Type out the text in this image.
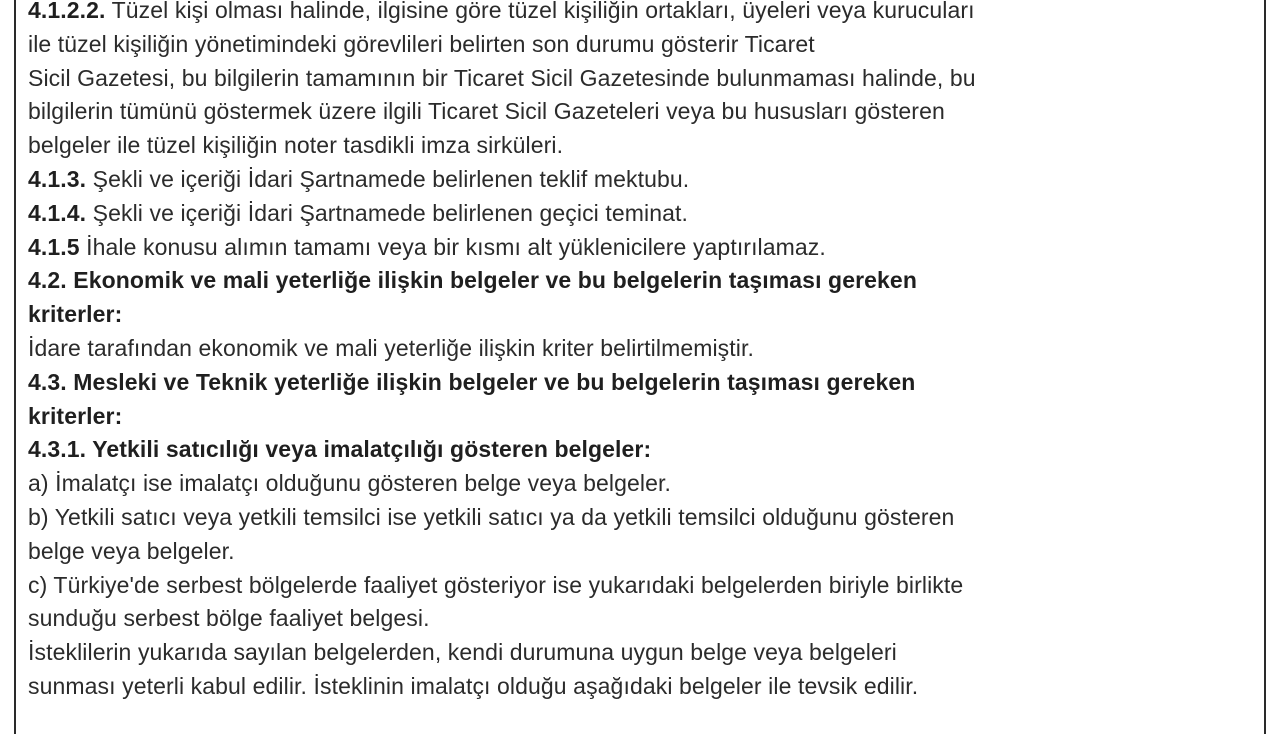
4.1.2.2. Tüzel kişi olması halinde, ilgisine göre tüzel kişiliğin ortakları, üyeleri veya kurucuları
ile tüzel kişiliğin yönetimindeki görevlileri belirten son durumu gösterir Ticaret
Sicil Gazetesi, bu bilgilerin tamamının bir Ticaret Sicil Gazetesinde bulunmaması halinde, bu
bilgilerin tümünü göstermek üzere ilgili Ticaret Sicil Gazeteleri veya bu hususları gösteren
belgeler ile tüzel kişiliğin noter tasdikli imza sirküleri.
4.1.3. Şekli ve içeriği İdari Şartnamede belirlenen teklif mektubu.
4.1.4. Şekli ve içeriği İdari Şartnamede belirlenen geçici teminat.
4.1.5 İhale konusu alımın tamamı veya bir kısmı alt yüklenicilere yaptırılamaz.
4.2. Ekonomik ve mali yeterliğe ilişkin belgeler ve bu belgelerin taşıması gereken
kriterler:
İdare tarafından ekonomik ve mali yeterliğe ilişkin kriter belirtilmemiştir.
4.3. Mesleki ve Teknik yeterliğe ilişkin belgeler ve bu belgelerin taşıması gereken
kriterler:
4.3.1. Yetkili satıcılığı veya imalatçılığı gösteren belgeler:
a) İmalatçı ise imalatçı olduğunu gösteren belge veya belgeler.
b) Yetkili satıcı veya yetkili temsilci ise yetkili satıcı ya da yetkili temsilci olduğunu gösteren
belge veya belgeler.
c) Türkiye'de serbest bölgelerde faaliyet gösteriyor ise yukarıdaki belgelerden biriyle birlikte
sunduğu serbest bölge faaliyet belgesi.
İsteklilerin yukarıda sayılan belgelerden, kendi durumuna uygun belge veya belgeleri
sunması yeterli kabul edilir. İsteklinin imalatçı olduğu aşağıdaki belgeler ile tevsik edilir.
